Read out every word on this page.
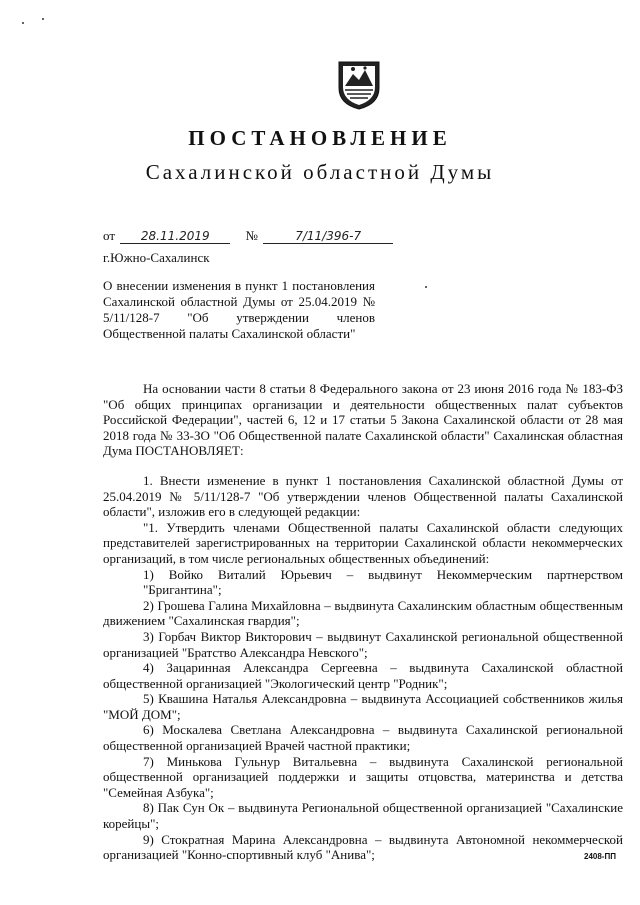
ПОСТАНОВЛЕНИЕ
Сахалинской областной Думы
от 28.11.2019	№	7/11/396-7
г.Южно-Сахалинск
О внесении изменения в пункт 1 постановления
Сахалинской областной Думы от 25.04.2019 №
5/11/128-7 "Об утверждении членов
Общественной палаты Сахалинской области"
На основании части 8 статьи 8 Федерального закона от 23 июня 2016 года № 183-ФЗ
"Об общих принципах организации и деятельности общественных палат субъектов
Российской Федерации", частей 6, 12 и 17 статьи 5 Закона Сахалинской области от 28 мая
2018 года № 33-ЗО "Об Общественной палате Сахалинской области" Сахалинская областная
Дума ПОСТАНОВЛЯЕТ:
1. Внести изменение в пункт 1 постановления Сахалинской областной Думы от
25.04.2019 № 5/11/128-7 "Об утверждении членов Общественной палаты Сахалинской
области", изложив его в следующей редакции:
"1. Утвердить членами Общественной палаты Сахалинской области следующих
представителей зарегистрированных на территории Сахалинской области некоммерческих
организаций, в том числе региональных общественных объединений:
1) Войко Виталий Юрьевич – выдвинут Некоммерческим партнерством "Бригантина";
2) Грошева Галина Михайловна – выдвинута Сахалинским областным общественным
движением "Сахалинская гвардия";
3) Горбач Виктор Викторович – выдвинут Сахалинской региональной общественной
организацией "Братство Александра Невского";
4) Зацаринная Александра Сергеевна – выдвинута Сахалинской областной
общественной организацией "Экологический центр "Родник";
5) Квашина Наталья Александровна – выдвинута Ассоциацией собственников жилья
"МОЙ ДОМ";
6) Москалева Светлана Александровна – выдвинута Сахалинской региональной
общественной организацией Врачей частной практики;
7) Минькова Гульнур Витальевна – выдвинута Сахалинской региональной
общественной организацией поддержки и защиты отцовства, материнства и детства
"Семейная Азбука";
8) Пак Сун Ок – выдвинута Региональной общественной организацией "Сахалинские
корейцы";
9) Стократная Марина Александровна – выдвинута Автономной некоммерческой
организацией "Конно-спортивный клуб "Анива";	2408-ПП
